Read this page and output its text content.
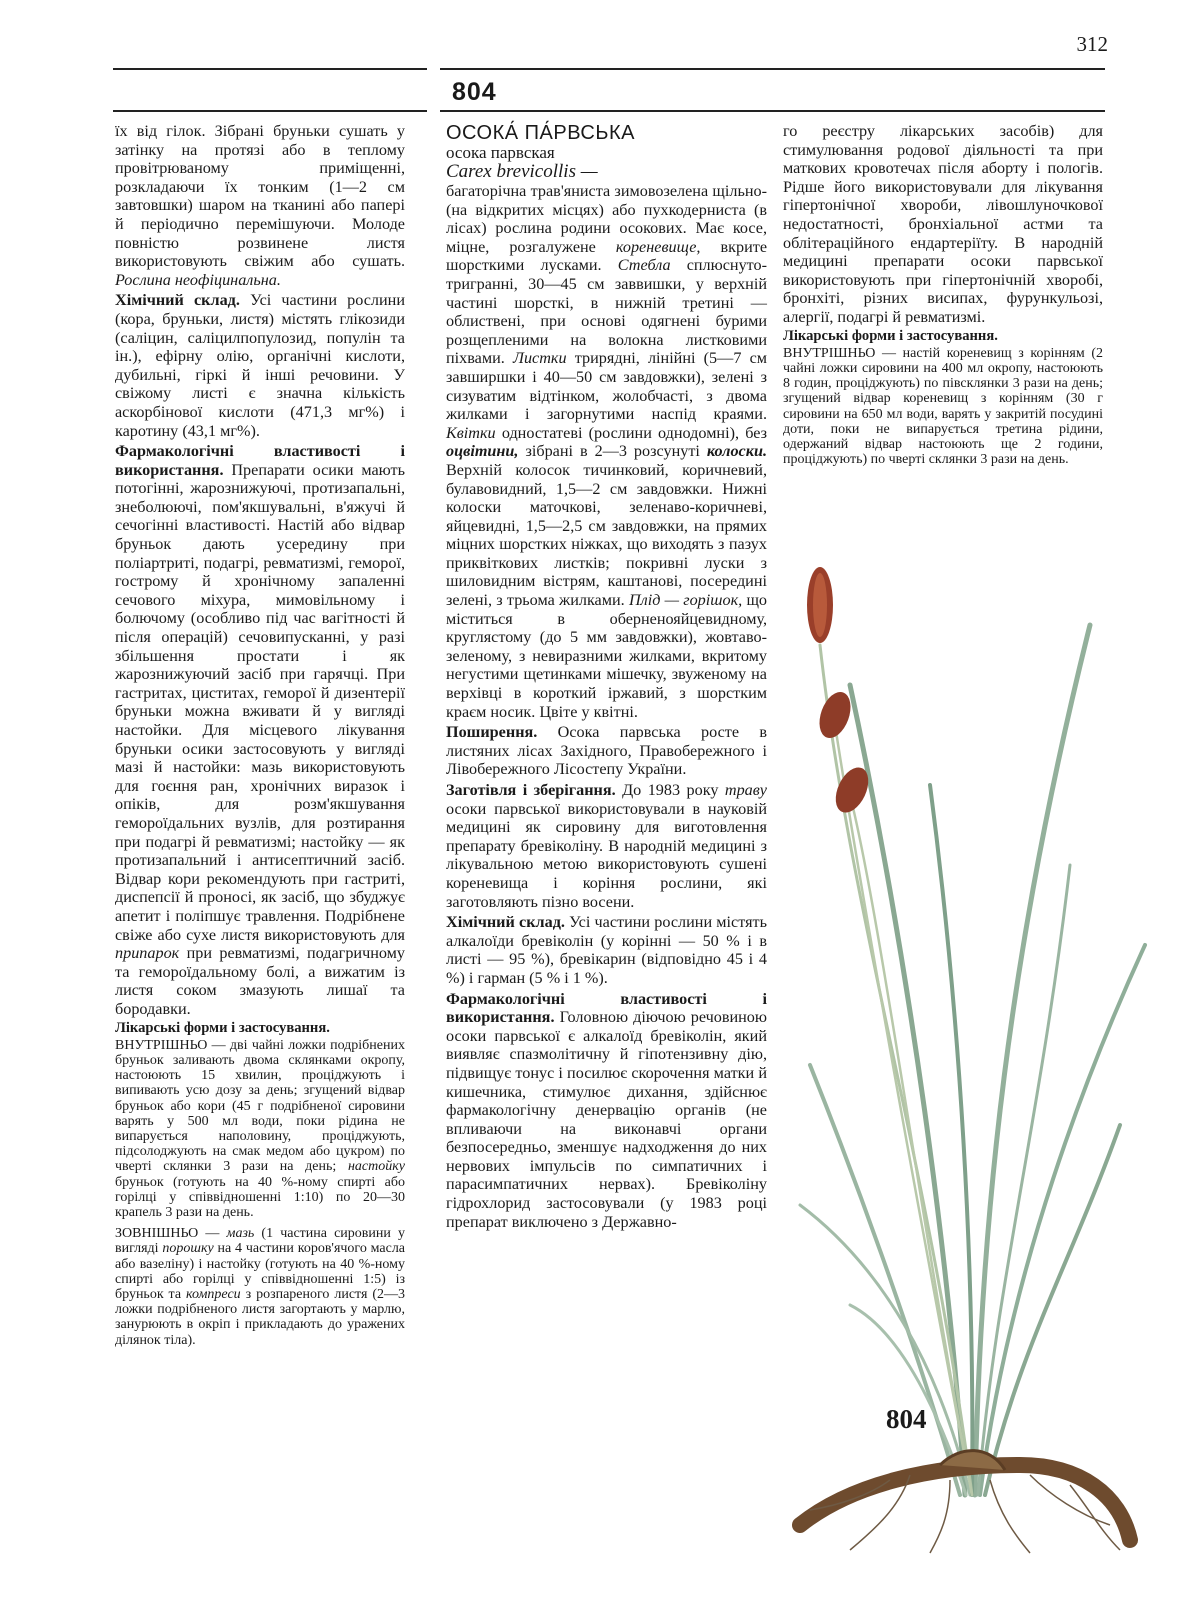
312
804

їх від гілок. Зібрані бруньки сушать у затінку на протязі або в теплому провітрюваному приміщенні, розкладаючи їх тонким (1—2 см завтовшки) шаром на тканині або папері й періодично перемішуючи. Молоде повністю розвинене листя використовують свіжим або сушать. Рослина неофіцинальна.

Хімічний склад. Усі частини рослини (кора, бруньки, листя) містять глікозиди (саліцин, саліцилпопулозид, популін та ін.), ефірну олію, органічні кислоти, дубильні, гіркі й інші речовини. У свіжому листі є значна кількість аскорбінової кислоти (471,3 мг%) і каротину (43,1 мг%).

Фармакологічні властивості і використання. Препарати осики мають потогінні, жарознижуючі, протизапальні, знеболюючі, пом'якшувальні, в'яжучі й сечогінні властивості. Настій або відвар бруньок дають усередину при поліартриті, подагрі, ревматизмі, геморої, гострому й хронічному запаленні сечового міхура, мимовільному і болючому (особливо під час вагітності й після операцій) сечовипусканні, у разі збільшення простати і як жарознижуючий засіб при гарячці. При гастритах, циститах, геморої й дизентерії бруньки можна вживати й у вигляді настойки. Для місцевого лікування бруньки осики застосовують у вигляді мазі й настойки: мазь використовують для гоєння ран, хронічних виразок і опіків, для розм'якшування геморoїдальних вузлів, для розтирання при подагрі й ревматизмі; настойку — як протизапальний і антисептичний засіб. Відвар кори рекомендують при гастриті, диспепсії й проносі, як засіб, що збуджує апетит і поліпшує травлення. Подрібнене свіже або сухе листя використовують для припарок при ревматизмі, подагричному та гемороїдальному болі, а вижатим із листя соком змазують лишаї та бородавки.

Лікарські форми і застосування.

ВНУТРІШНЬО — дві чайні ложки подрібнених бруньок заливають двома склянками окропу, настоюють 15 хвилин, проціджують і випивають усю дозу за день; згущений відвар бруньок або кори (45 г подрібненої сировини варять у 500 мл води, поки рідина не випарується наполовину, проціджують, підсолоджують на смак медом або цукром) по чверті склянки 3 рази на день; настойку бруньок (готують на 40 %-ному спирті або горілці у співвідношенні 1:10) по 20—30 крапель 3 рази на день.

ЗОВНІШНЬО — мазь (1 частина сировини у вигляді порошку на 4 частини коров'ячого масла або вазеліну) і настойку (готують на 40 %-ному спирті або горілці у співвідношенні 1:5) із бруньок та компреси з розпареного листя (2—3 ложки подрібненого листя загортають у марлю, занурюють в окріп і прикладають до уражених ділянок тіла).

ОСОКА́ ПА́РВСЬКА

осока парвская

Carex brevicollis —

багаторічна трав'яниста зимовозелена щільно- (на відкритих місцях) або пухкодерниста (в лісах) рослина родини осокових. Має косе, міцне, розгалужене кореневище, вкрите шорсткими лусками. Стебла сплюснуто-тригранні, 30—45 см заввишки, у верхній частині шорсткі, в нижній третині — облиствені, при основі одягнені бурими розщепленими на волокна листковими піхвами. Листки трирядні, лінійні (5—7 см завширшки і 40—50 см завдовжки), зелені з сизуватим відтінком, жолобчасті, з двома жилками і загорнутими наспід краями. Квітки одностатеві (рослини однодомні), без оцвітини, зібрані в 2—3 розсунуті колоски. Верхній колосок тичинковий, коричневий, булавовидний, 1,5—2 см завдовжки. Нижні колоски маточкові, зеленаво-коричневі, яйцевидні, 1,5—2,5 см завдовжки, на прямих міцних шорстких ніжках, що виходять з пазух приквіткових листків; покривні луски з шиловидним вістрям, каштанові, посередині зелені, з трьома жилками. Плід — горішок, що міститься в оберненояйцевидному, круглястому (до 5 мм завдовжки), жовтаво-зеленому, з невиразними жилками, вкритому негустими щетинками мішечку, звуженому на верхівці в короткий іржавий, з шорстким краєм носик. Цвіте у квітні.

Поширення. Осока парвська росте в листяних лісах Західного, Правобережного і Лівобережного Лісостепу України.

Заготівля і зберігання. До 1983 року траву осоки парвської використовували в науковій медицині як сировину для виготовлення препарату бревіколіну. В народній медицині з лікувальною метою використовують сушені кореневища і коріння рослини, які заготовляють пізно восени.

Хімічний склад. Усі частини рослини містять алкалоїди бревіколін (у корінні — 50 % і в листі — 95 %), бревікарин (відповідно 45 і 4 %) і гарман (5 % і 1 %).

Фармакологічні властивості і використання. Головною діючою речовиною осоки парвської є алкалоїд бревіколін, який виявляє спазмолітичну й гіпотензивну дію, підвищує тонус і посилює скорочення матки й кишечника, стимулює дихання, здійснює фармакологічну денервацію органів (не впливаючи на виконавчі органи безпосередньо, зменшує надходження до них нервових імпульсів по симпатичних і парасимпатичних нервах). Бревіколіну гідрохлорид застосовували (у 1983 році препарат виключено з Державно-

го реєстру лікарських засобів) для стимулювання родової діяльності та при маткових кровотечах після аборту і пологів. Рідше його використовували для лікування гіпертонічної хвороби, лівошлуночкової недостатності, бронхіальної астми та облітераційного ендартеріїту. В народній медицині препарати осоки парвської використовують при гіпертонічній хворобі, бронхіті, різних висипах, фурункульозі, алергії, подагрі й ревматизмі.

Лікарські форми і застосування.

ВНУТРІШНЬО — настій кореневищ з корінням (2 чайні ложки сировини на 400 мл окропу, настоюють 8 годин, проціджують) по півсклянки 3 рази на день; згущений відвар кореневищ з корінням (30 г сировини на 650 мл води, варять у закритій посудині доти, поки не випарується третина рідини, одержаний відвар настоюють ще 2 години, проціджують) по чверті склянки 3 рази на день.

804
